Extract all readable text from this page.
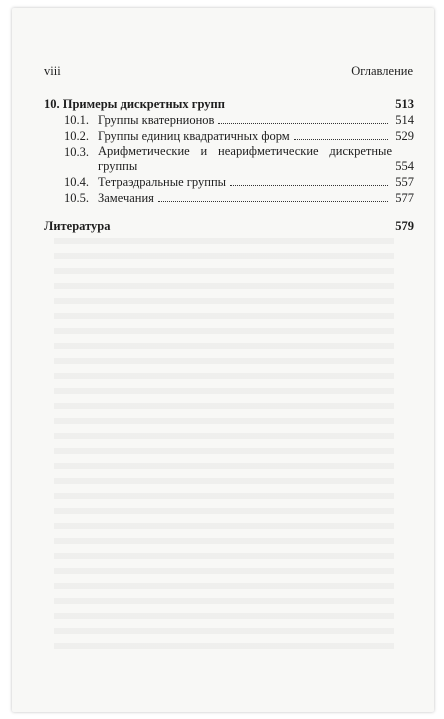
viii	Оглавление
10. Примеры дискретных групп	513
10.1. Группы кватернионов	514
10.2. Группы единиц квадратичных форм	529
10.3. Арифметические и неарифметические дискретные группы	554
10.4. Тетраэдральные группы	557
10.5. Замечания	577
Литература	579
